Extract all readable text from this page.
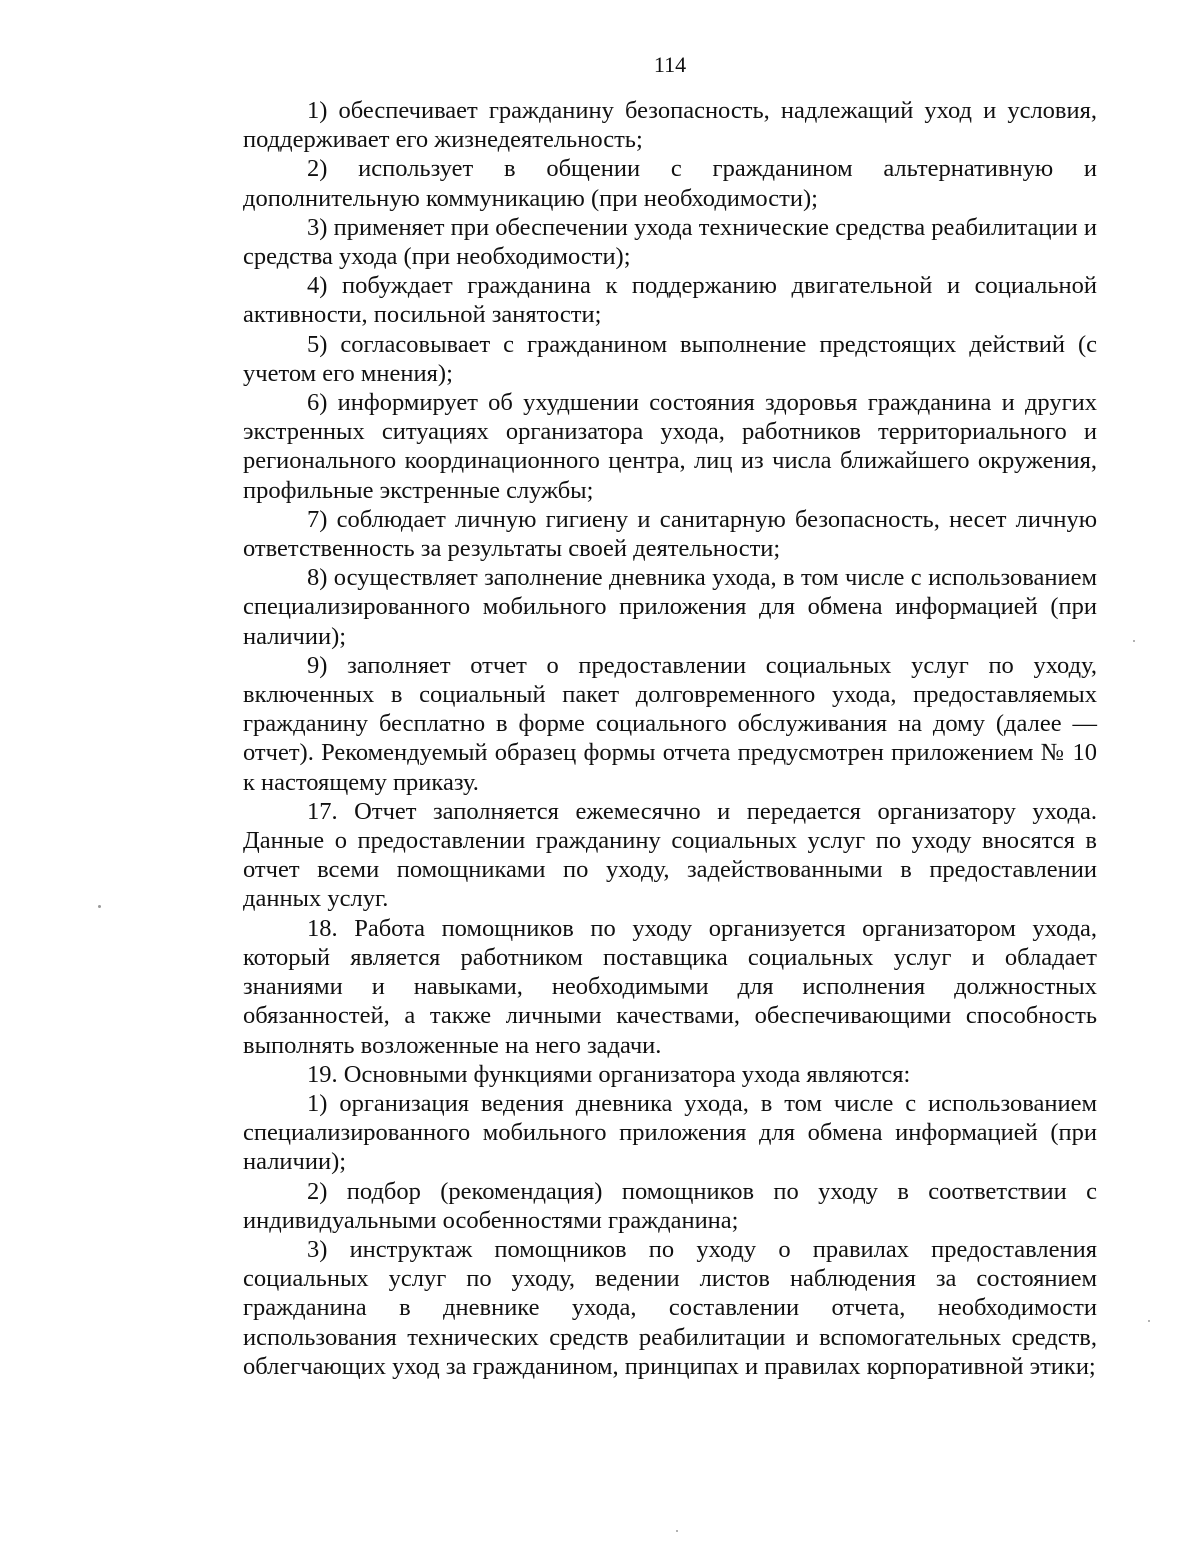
114

1) обеспечивает гражданину безопасность, надлежащий уход и условия, поддерживает его жизнедеятельность;

2) использует в общении с гражданином альтернативную и дополнительную коммуникацию (при необходимости);

3) применяет при обеспечении ухода технические средства реабилитации и средства ухода (при необходимости);

4) побуждает гражданина к поддержанию двигательной и социальной активности, посильной занятости;

5) согласовывает с гражданином выполнение предстоящих действий (с учетом его мнения);

6) информирует об ухудшении состояния здоровья гражданина и других экстренных ситуациях организатора ухода, работников территориального и регионального координационного центра, лиц из числа ближайшего окружения, профильные экстренные службы;

7) соблюдает личную гигиену и санитарную безопасность, несет личную ответственность за результаты своей деятельности;

8) осуществляет заполнение дневника ухода, в том числе с использованием специализированного мобильного приложения для обмена информацией (при наличии);

9) заполняет отчет о предоставлении социальных услуг по уходу, включенных в социальный пакет долговременного ухода, предоставляемых гражданину бесплатно в форме социального обслуживания на дому (далее — отчет). Рекомендуемый образец формы отчета предусмотрен приложением № 10 к настоящему приказу.

17. Отчет заполняется ежемесячно и передается организатору ухода. Данные о предоставлении гражданину социальных услуг по уходу вносятся в отчет всеми помощниками по уходу, задействованными в предоставлении данных услуг.

18. Работа помощников по уходу организуется организатором ухода, который является работником поставщика социальных услуг и обладает знаниями и навыками, необходимыми для исполнения должностных обязанностей, а также личными качествами, обеспечивающими способность выполнять возложенные на него задачи.

19. Основными функциями организатора ухода являются:

1) организация ведения дневника ухода, в том числе с использованием специализированного мобильного приложения для обмена информацией (при наличии);

2) подбор (рекомендация) помощников по уходу в соответствии с индивидуальными особенностями гражданина;

3) инструктаж помощников по уходу о правилах предоставления социальных услуг по уходу, ведении листов наблюдения за состоянием гражданина в дневнике ухода, составлении отчета, необходимости использования технических средств реабилитации и вспомогательных средств, облегчающих уход за гражданином, принципах и правилах корпоративной этики;
